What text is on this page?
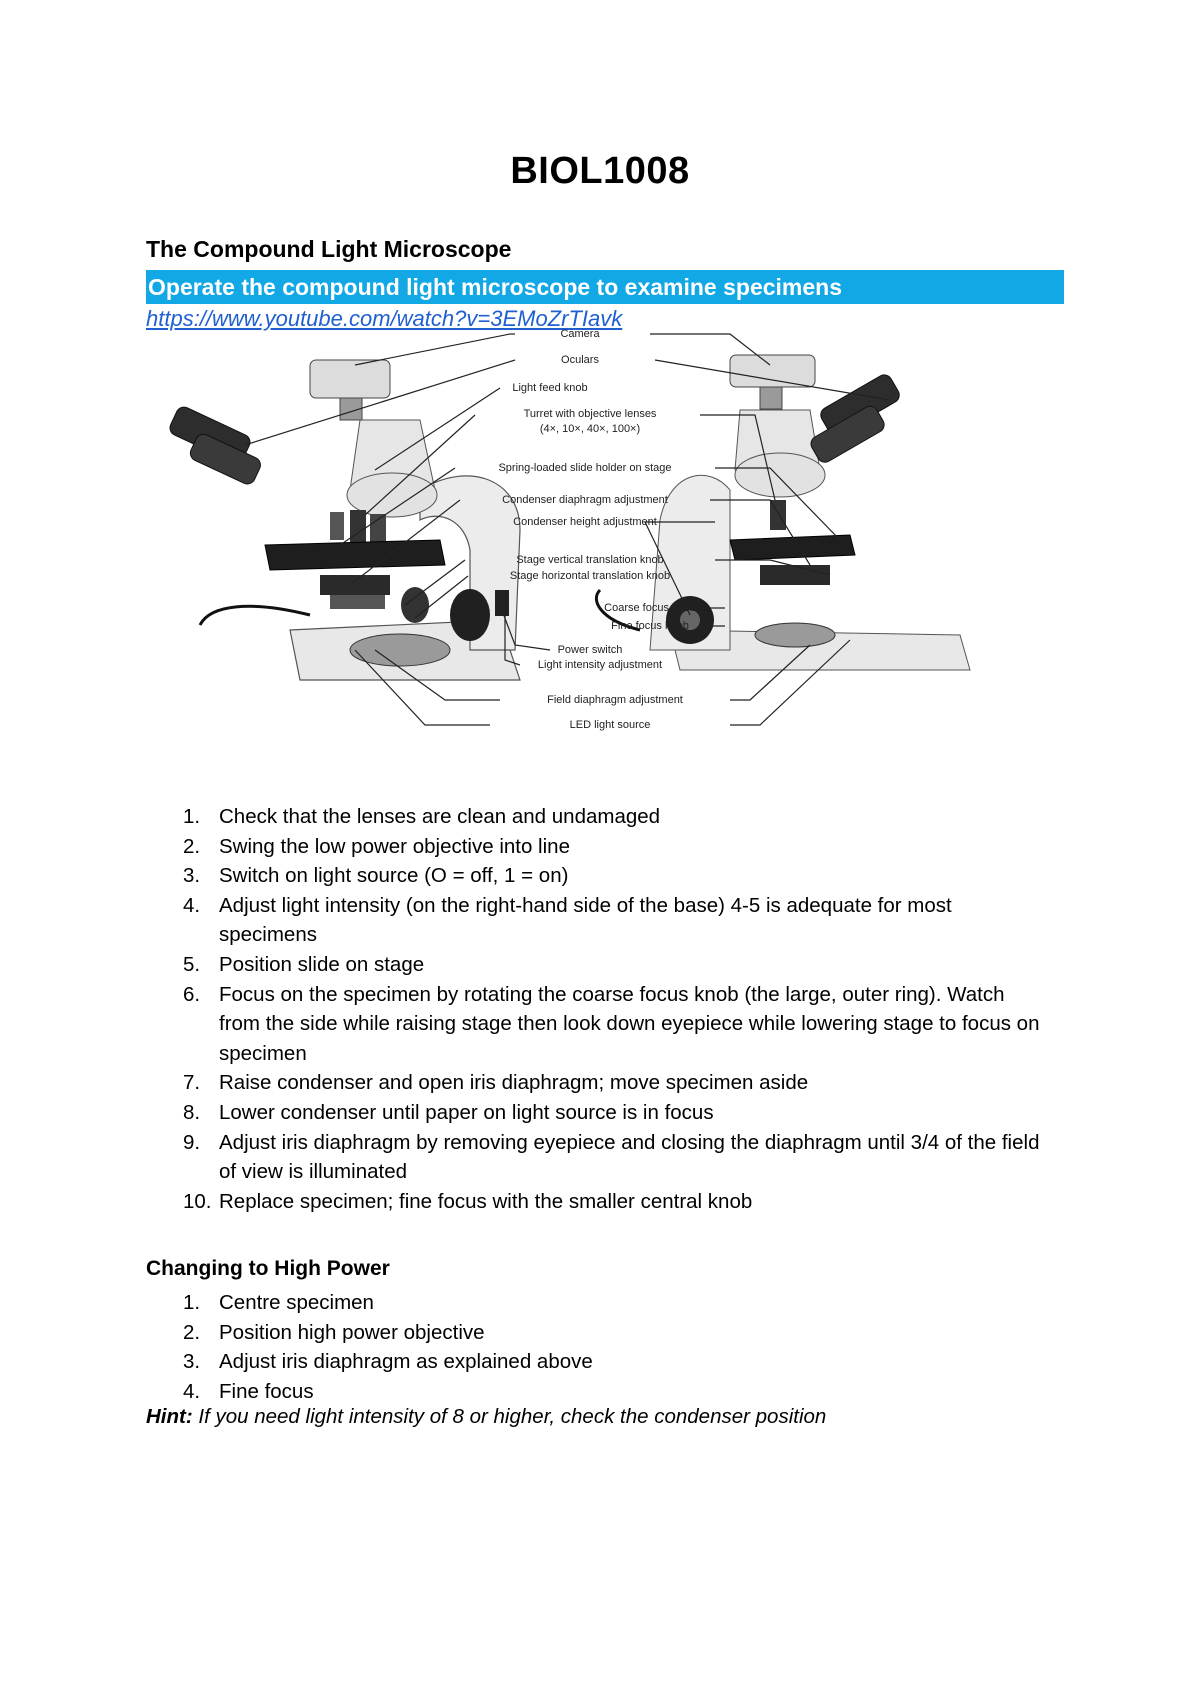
BIOL1008
The Compound Light Microscope
Operate the compound light microscope to examine specimens
https://www.youtube.com/watch?v=3EMoZrTIavk
Camera
Oculars
Light feed knob
Turret with objective lenses
(4×, 10×, 40×, 100×)
Spring-loaded slide holder on stage
Condenser diaphragm adjustment
Condenser height adjustment
Stage vertical translation knob
Stage horizontal translation knob
Coarse focus knob
Fine focus knob
Power switch
Light intensity adjustment
Field diaphragm adjustment
LED light source
1. Check that the lenses are clean and undamaged
2. Swing the low power objective into line
3. Switch on light source (O = off, 1 = on)
4. Adjust light intensity (on the right-hand side of the base) 4-5 is adequate for most specimens
5. Position slide on stage
6. Focus on the specimen by rotating the coarse focus knob (the large, outer ring). Watch from the side while raising stage then look down eyepiece while lowering stage to focus on specimen
7. Raise condenser and open iris diaphragm; move specimen aside
8. Lower condenser until paper on light source is in focus
9. Adjust iris diaphragm by removing eyepiece and closing the diaphragm until 3/4 of the field of view is illuminated
10. Replace specimen; fine focus with the smaller central knob
Changing to High Power
1. Centre specimen
2. Position high power objective
3. Adjust iris diaphragm as explained above
4. Fine focus
Hint: If you need light intensity of 8 or higher, check the condenser position
